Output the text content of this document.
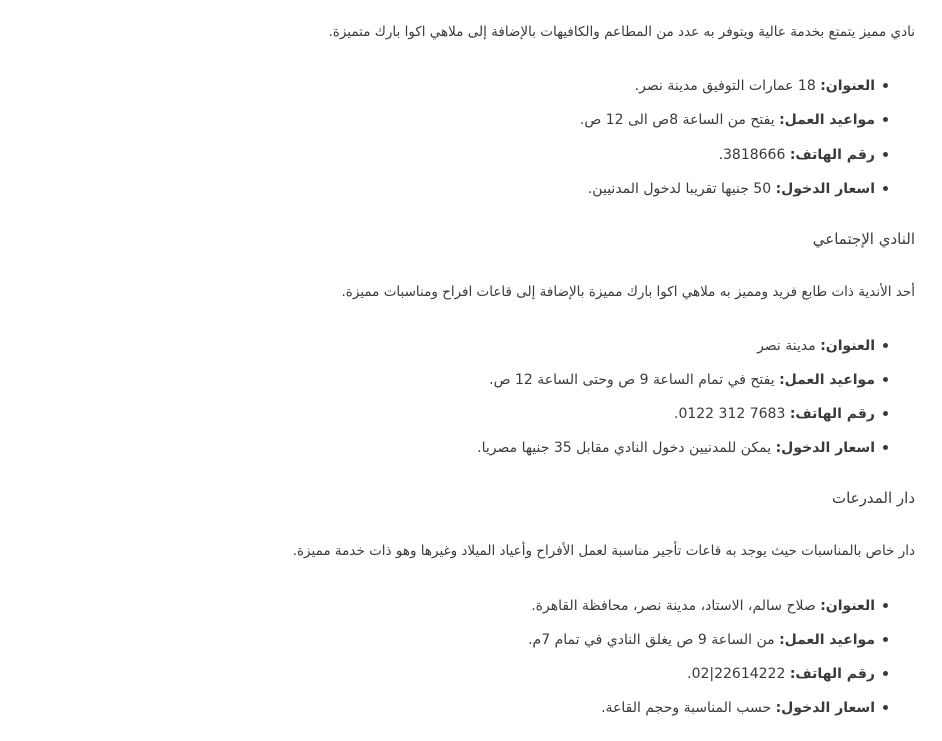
نادي مميز يتمتع بخدمة عالية ويتوفر به عدد من المطاعم والكافيهات بالإضافة إلى ملاهي اكوا بارك متميزة.

العنوان: 18 عمارات التوفيق مدينة نصر.
مواعيد العمل: يفتح من الساعة 8ص الى 12 ص.
رقم الهاتف: 3818666.
اسعار الدخول: 50 جنيها تقريبا لدخول المدنيين.
النادي الإجتماعي

أحد الأندية ذات طابع فريد ومميز به ملاهي اكوا بارك مميزة بالإضافة إلى قاعات افراح ومناسبات مميزة.

العنوان: مدينة نصر
مواعيد العمل: يفتح في تمام الساعة 9 ص وحتى الساعة 12 ص.
رقم الهاتف: 7683 312 0122.
اسعار الدخول: يمكن للمدنيين دخول النادي مقابل 35 جنيها مصريا.
دار المدرعات

دار خاص بالمناسبات حيث يوجد به قاعات تأجير مناسبة لعمل الأفراح وأعياد الميلاد وغيرها وهو ذات خدمة مميزة.

العنوان: صلاح سالم، الاستاد، مدينة نصر، محافظة القاهرة.
مواعيد العمل: من الساعة 9 ص يغلق النادي في تمام 7م.
رقم الهاتف: 22614222|02.
اسعار الدخول: حسب المناسبة وحجم القاعة.
